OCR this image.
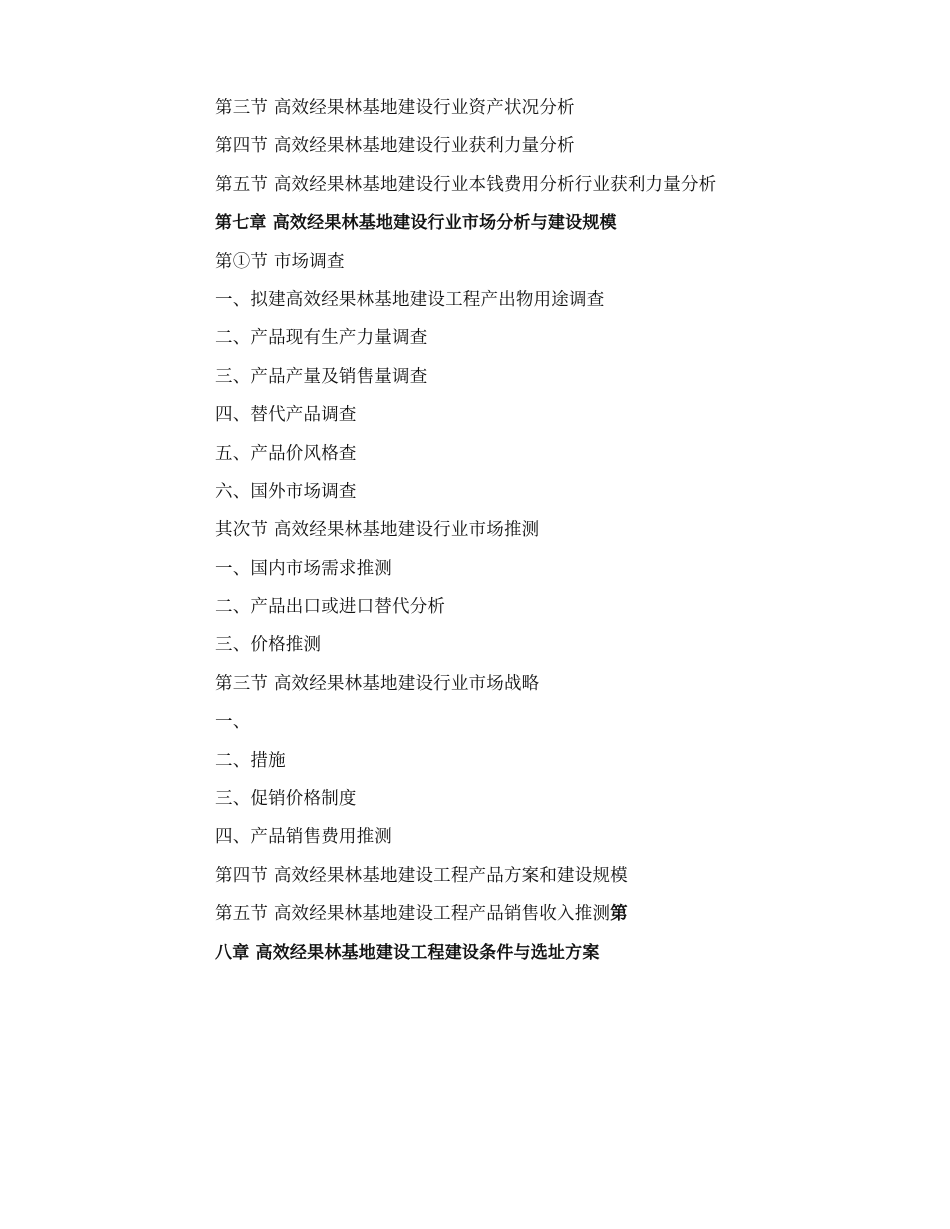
第三节 高效经果林基地建设行业资产状况分析
第四节 高效经果林基地建设行业获利力量分析
第五节 高效经果林基地建设行业本钱费用分析行业获利力量分析
第七章 高效经果林基地建设行业市场分析与建设规模
第①节 市场调查
一、拟建高效经果林基地建设工程产出物用途调查
二、产品现有生产力量调查
三、产品产量及销售量调查
四、替代产品调查
五、产品价风格查
六、国外市场调查
其次节 高效经果林基地建设行业市场推测
一、国内市场需求推测
二、产品出口或进口替代分析
三、价格推测
第三节 高效经果林基地建设行业市场战略
一、
二、措施
三、促销价格制度
四、产品销售费用推测
第四节 高效经果林基地建设工程产品方案和建设规模
第五节 高效经果林基地建设工程产品销售收入推测第
八章 高效经果林基地建设工程建设条件与选址方案
